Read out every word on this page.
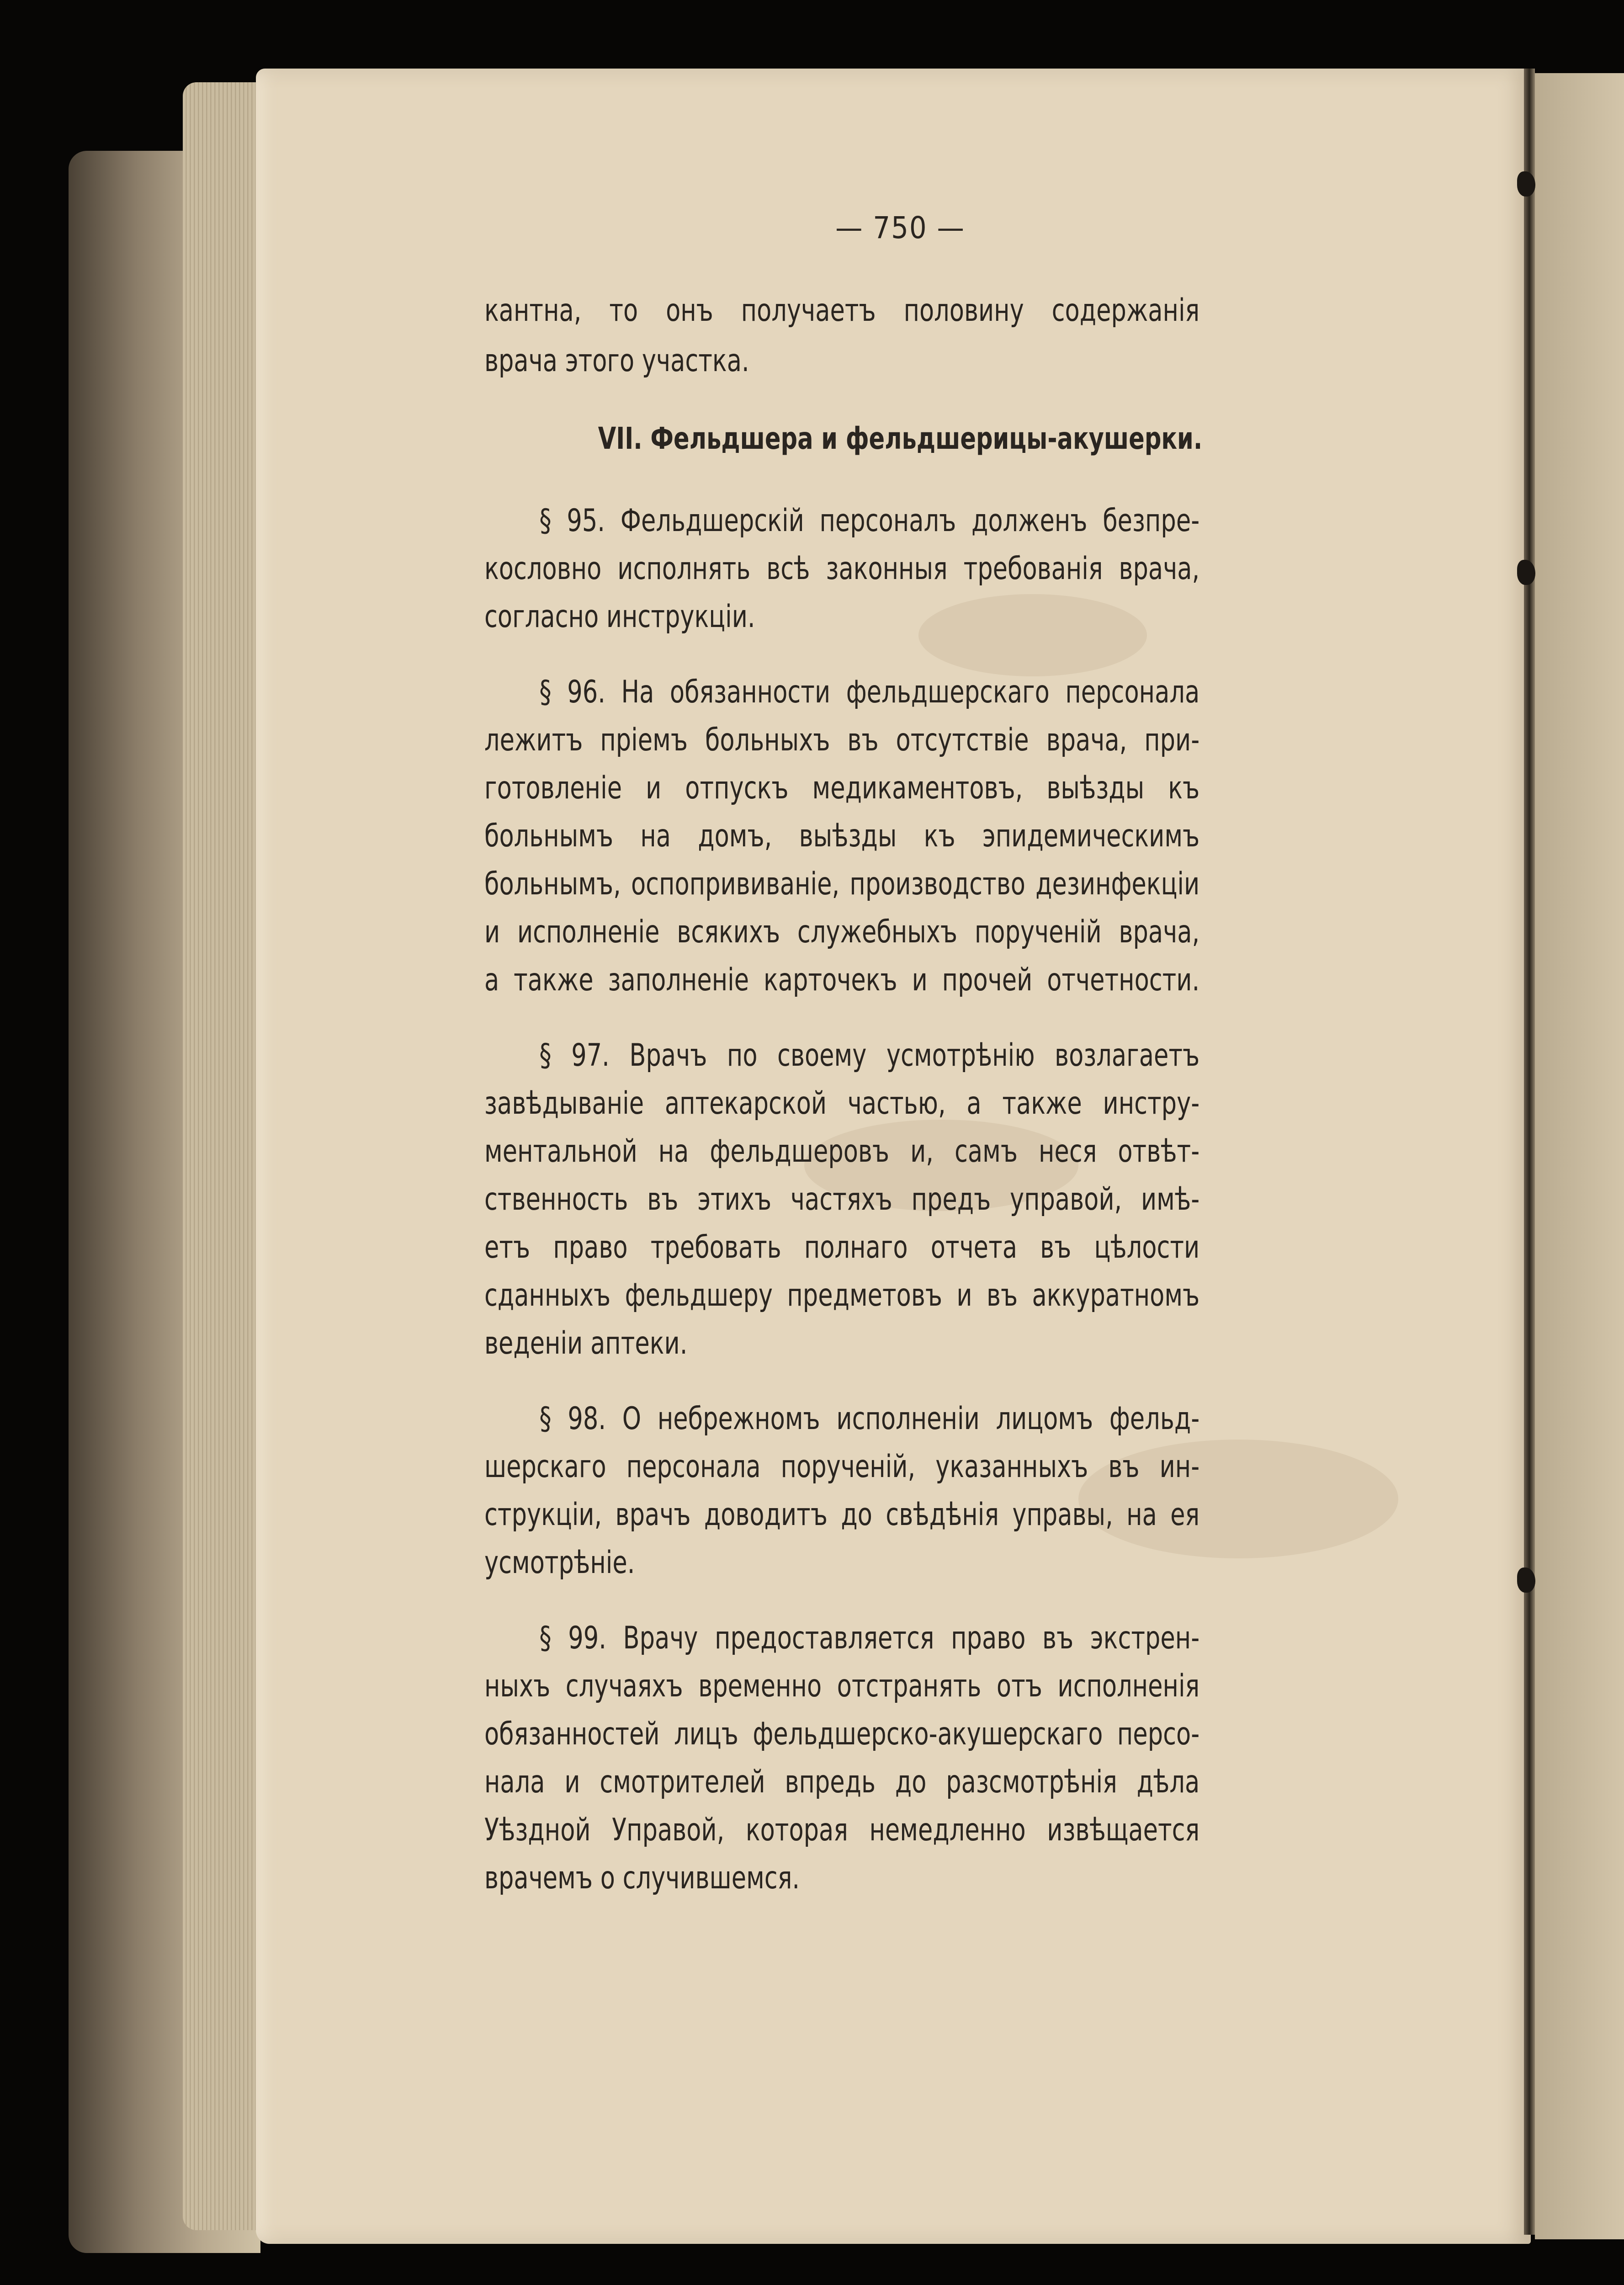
— 750 —
кантна, то онъ получаетъ половину содержанія
врача этого участка.
VII. Фельдшера и фельдшерицы-акушерки.
§ 95. Фельдшерскій персоналъ долженъ безпре-
кословно исполнять всѣ законныя требованія врача,
согласно инструкціи.
§ 96. На обязанности фельдшерскаго персонала
лежитъ пріемъ больныхъ въ отсутствіе врача, при-
готовленіе и отпускъ медикаментовъ, выѣзды къ
больнымъ на домъ, выѣзды къ эпидемическимъ
больнымъ, оспопрививаніе, производство дезинфекціи
и исполненіе всякихъ служебныхъ порученій врача,
а также заполненіе карточекъ и прочей отчетности.
§ 97. Врачъ по своему усмотрѣнію возлагаетъ
завѣдываніе аптекарской частью, а также инстру-
ментальной на фельдшеровъ и, самъ неся отвѣт-
ственность въ этихъ частяхъ предъ управой, имѣ-
етъ право требовать полнаго отчета въ цѣлости
сданныхъ фельдшеру предметовъ и въ аккуратномъ
веденіи аптеки.
§ 98. О небрежномъ исполненіи лицомъ фельд-
шерскаго персонала порученій, указанныхъ въ ин-
струкціи, врачъ доводитъ до свѣдѣнія управы, на ея
усмотрѣніе.
§ 99. Врачу предоставляется право въ экстрен-
ныхъ случаяхъ временно отстранять отъ исполненія
обязанностей лицъ фельдшерско-акушерскаго персо-
нала и смотрителей впредь до разсмотрѣнія дѣла
Уѣздной Управой, которая немедленно извѣщается
врачемъ о случившемся.
